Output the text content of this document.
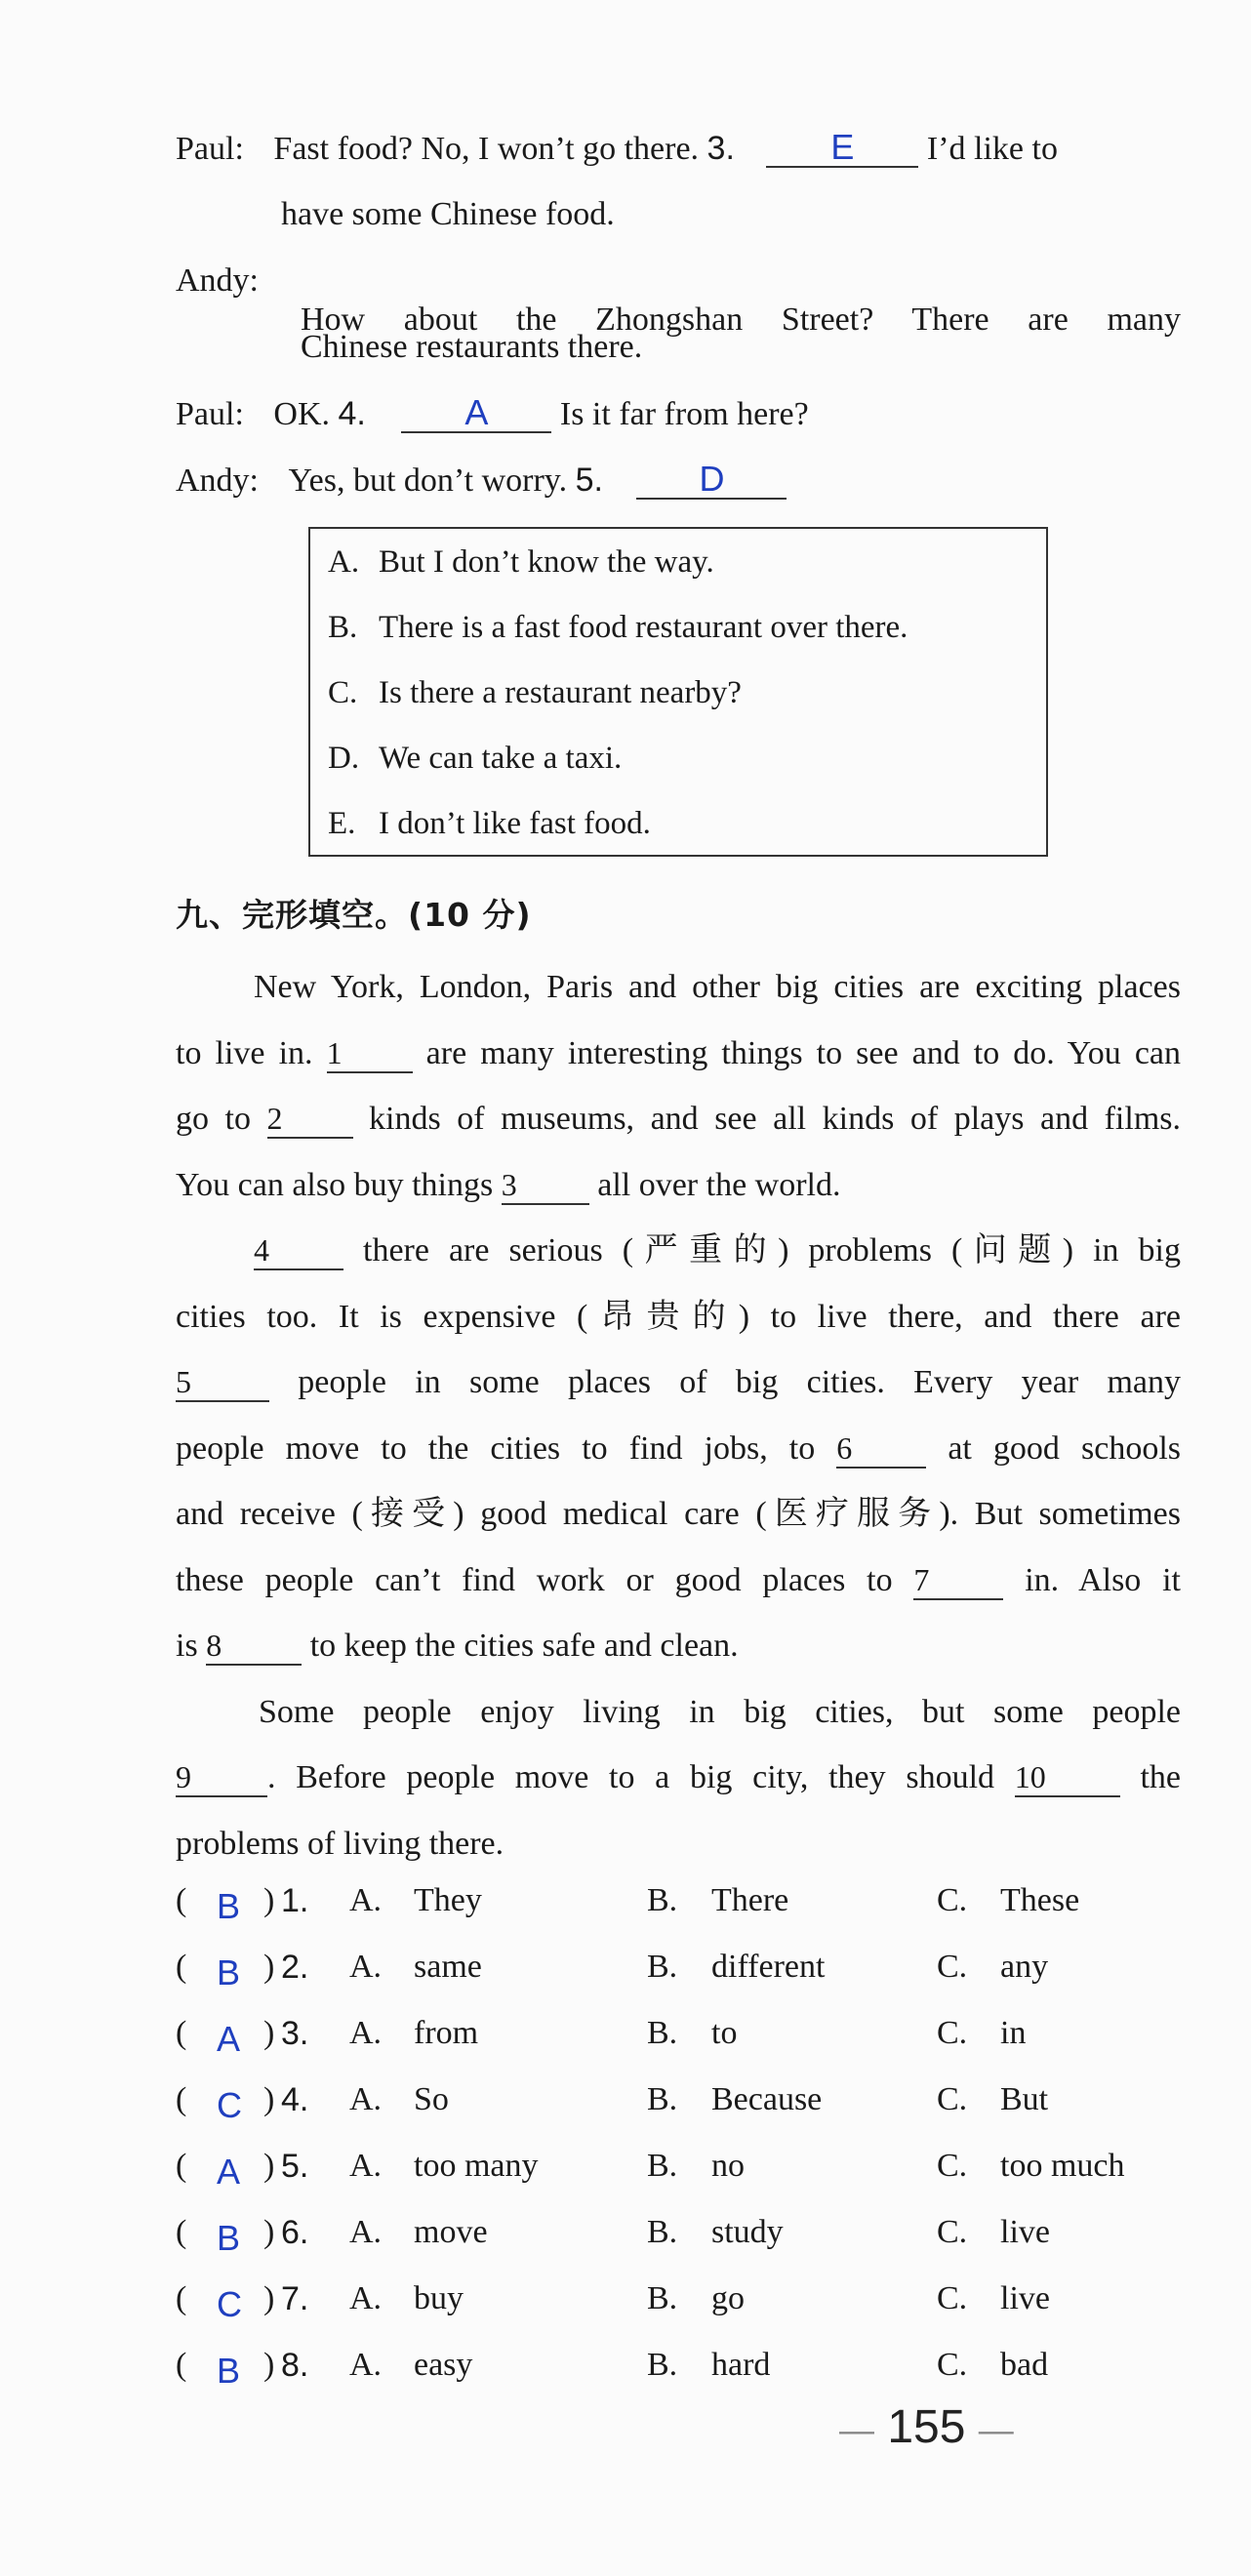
Paul: Fast food? No, I won’t go there. 3.	E I’d like to
have some Chinese food.
Andy:
How about the Zhongshan Street? There are many
Chinese restaurants there.
Paul: OK. 4.	A Is it far from here?
Andy: Yes, but don’t worry. 5.	D
A. But I don’t know the way.
B. There is a fast food restaurant over there.
C. Is there a restaurant nearby?
D. We can take a taxi.
E. I don’t like fast food.
九、完形填空。(10 分)
New York, London, Paris and other big cities are exciting places
to live in. 1 are many interesting things to see and to do. You can
go to 2 kinds of museums, and see all kinds of plays and films.
You can also buy things 3 all over the world.
4 there are serious (严重的) problems (问题) in big
cities too. It is expensive (昂贵的) to live there, and there are
5 people in some places of big cities. Every year many
people move to the cities to find jobs, to 6 at good schools
and receive (接受) good medical care (医疗服务). But sometimes
these people can’t find work or good places to 7 in. Also it
is 8 to keep the cities safe and clean.
Some people enjoy living in big cities, but some people
9 . Before people move to a big city, they should 10 the
problems of living there.
( B ) 1. A. They	B. There	C. These
( B ) 2. A. same	B. different	C. any
( A ) 3. A. from	B. to	C. in
( C ) 4. A. So	B. Because	C. But
( A ) 5. A. too many	B. no	C. too much
( B ) 6. A. move	B. study	C. live
( C ) 7. A. buy	B. go	C. live
( B ) 8. A. easy	B. hard	C. bad
— 155 —
